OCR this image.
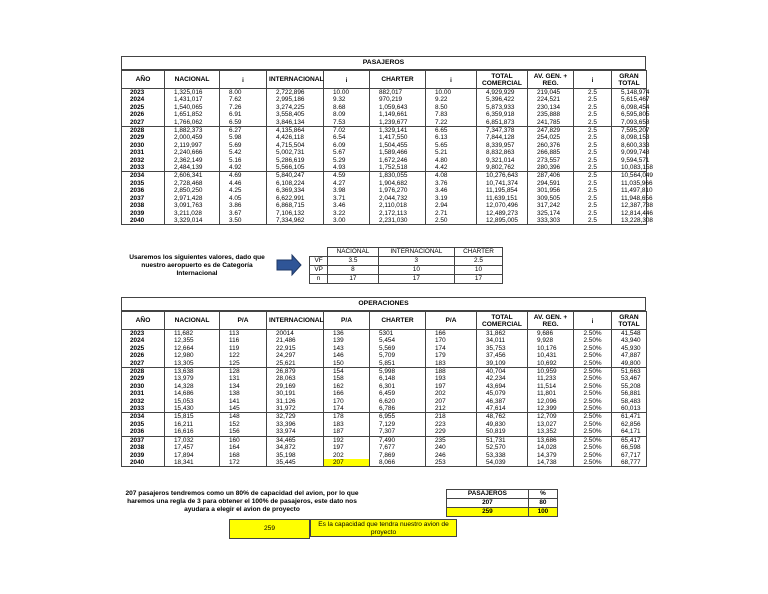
PASAJEROS
AÑO	NACIONAL	¡	INTERNACIONAL	¡	CHARTER	¡	TOTAL COMERCIAL	AV. GEN. + REG.	¡	GRAN TOTAL
2023	1,325,016	8.00	2,722,896	10.00	882,017	10.00	4,929,929	219,045	2.5	5,148,974
2024	1,431,017	7.62	2,995,186	9.32	970,219	9.22	5,396,422	224,521	2.5	5,615,467
2025	1,540,065	7.26	3,274,225	8.68	1,059,643	8.50	5,873,933	230,134	2.5	6,098,454
2026	1,651,852	6.91	3,558,405	8.09	1,149,661	7.83	6,359,918	235,888	2.5	6,595,805
2027	1,766,062	6.59	3,846,134	7.53	1,239,677	7.22	6,851,873	241,785	2.5	7,093,658
2028	1,882,373	6.27	4,135,864	7.02	1,329,141	6.65	7,347,378	247,829	2.5	7,595,207
2029	2,000,459	5.98	4,426,118	6.54	1,417,550	6.13	7,844,128	254,025	2.5	8,098,153
2030	2,119,997	5.69	4,715,504	6.09	1,504,455	5.65	8,339,957	260,376	2.5	8,600,333
2031	2,240,666	5.42	5,002,731	5.67	1,589,466	5.21	8,832,863	266,885	2.5	9,099,748
2032	2,362,149	5.16	5,286,619	5.29	1,672,246	4.80	9,321,014	273,557	2.5	9,594,571
2033	2,484,139	4.92	5,566,105	4.93	1,752,518	4.42	9,802,762	280,396	2.5	10,083,158
2034	2,606,341	4.69	5,840,247	4.59	1,830,055	4.08	10,276,643	287,406	2.5	10,564,049
2035	2,728,468	4.46	6,108,224	4.27	1,904,682	3.76	10,741,374	294,591	2.5	11,035,966
2036	2,850,250	4.25	6,369,334	3.98	1,976,270	3.46	11,195,854	301,956	2.5	11,497,810
2037	2,971,428	4.05	6,622,991	3.71	2,044,732	3.19	11,639,151	309,505	2.5	11,948,656
2038	3,091,763	3.86	6,868,715	3.46	2,110,018	2.94	12,070,496	317,242	2.5	12,387,738
2039	3,211,028	3.67	7,106,132	3.22	2,172,113	2.71	12,489,273	325,174	2.5	12,814,446
2040	3,329,014	3.50	7,334,962	3.00	2,231,030	2.50	12,895,005	333,303	2.5	13,228,308
Usaremos los siguientes valores, dado que nuestro aeropuerto es de Categoría Internacional
	NACIONAL	INTERNACIONAL	CHARTER
VF	3.5	3	2.5
VP	8	10	10
n	17	17	17
OPERACIONES
AÑO	NACIONAL	P/A	INTERNACIONAL	P/A	CHARTER	P/A	TOTAL COMERCIAL	AV. GEN. + REG.	¡	GRAN TOTAL
2023	11,682	113	20014	136	5301	166	31,862	9,686	2.50%	41,548
2024	12,355	116	21,486	139	5,454	170	34,011	9,928	2.50%	43,940
2025	12,664	119	22,915	143	5,569	174	35,753	10,176	2.50%	45,930
2026	12,980	122	24,297	146	5,709	179	37,456	10,431	2.50%	47,887
2027	13,305	125	25,621	150	5,851	183	39,109	10,692	2.50%	49,800
2028	13,638	128	26,879	154	5,998	188	40,704	10,959	2.50%	51,663
2029	13,979	131	28,063	158	6,148	193	42,234	11,233	2.50%	53,467
2030	14,328	134	29,169	162	6,301	197	43,694	11,514	2.50%	55,208
2031	14,686	138	30,191	166	6,459	202	45,079	11,801	2.50%	56,881
2032	15,053	141	31,126	170	6,620	207	46,387	12,096	2.50%	58,483
2033	15,430	145	31,972	174	6,786	212	47,614	12,399	2.50%	60,013
2034	15,815	148	32,729	178	6,955	218	48,762	12,709	2.50%	61,471
2035	16,211	152	33,396	183	7,129	223	49,830	13,027	2.50%	62,856
2036	16,616	156	33,974	187	7,307	229	50,819	13,352	2.50%	64,171
2037	17,032	160	34,465	192	7,490	235	51,731	13,686	2.50%	65,417
2038	17,457	164	34,872	197	7,677	240	52,570	14,028	2.50%	66,598
2039	17,894	168	35,198	202	7,869	246	53,338	14,379	2.50%	67,717
2040	18,341	172	35,445	207	8,066	253	54,039	14,738	2.50%	68,777
207 pasajeros tendremos como un 80% de capacidad del avion, por lo que haremos una regla de 3 para obtener el 100% de pasajeros, este dato nos ayudara a elegir el avion de proyecto
259
Es la capacidad que tendra nuestro avion de proyecto
PASAJEROS	%
207	80
259	100
